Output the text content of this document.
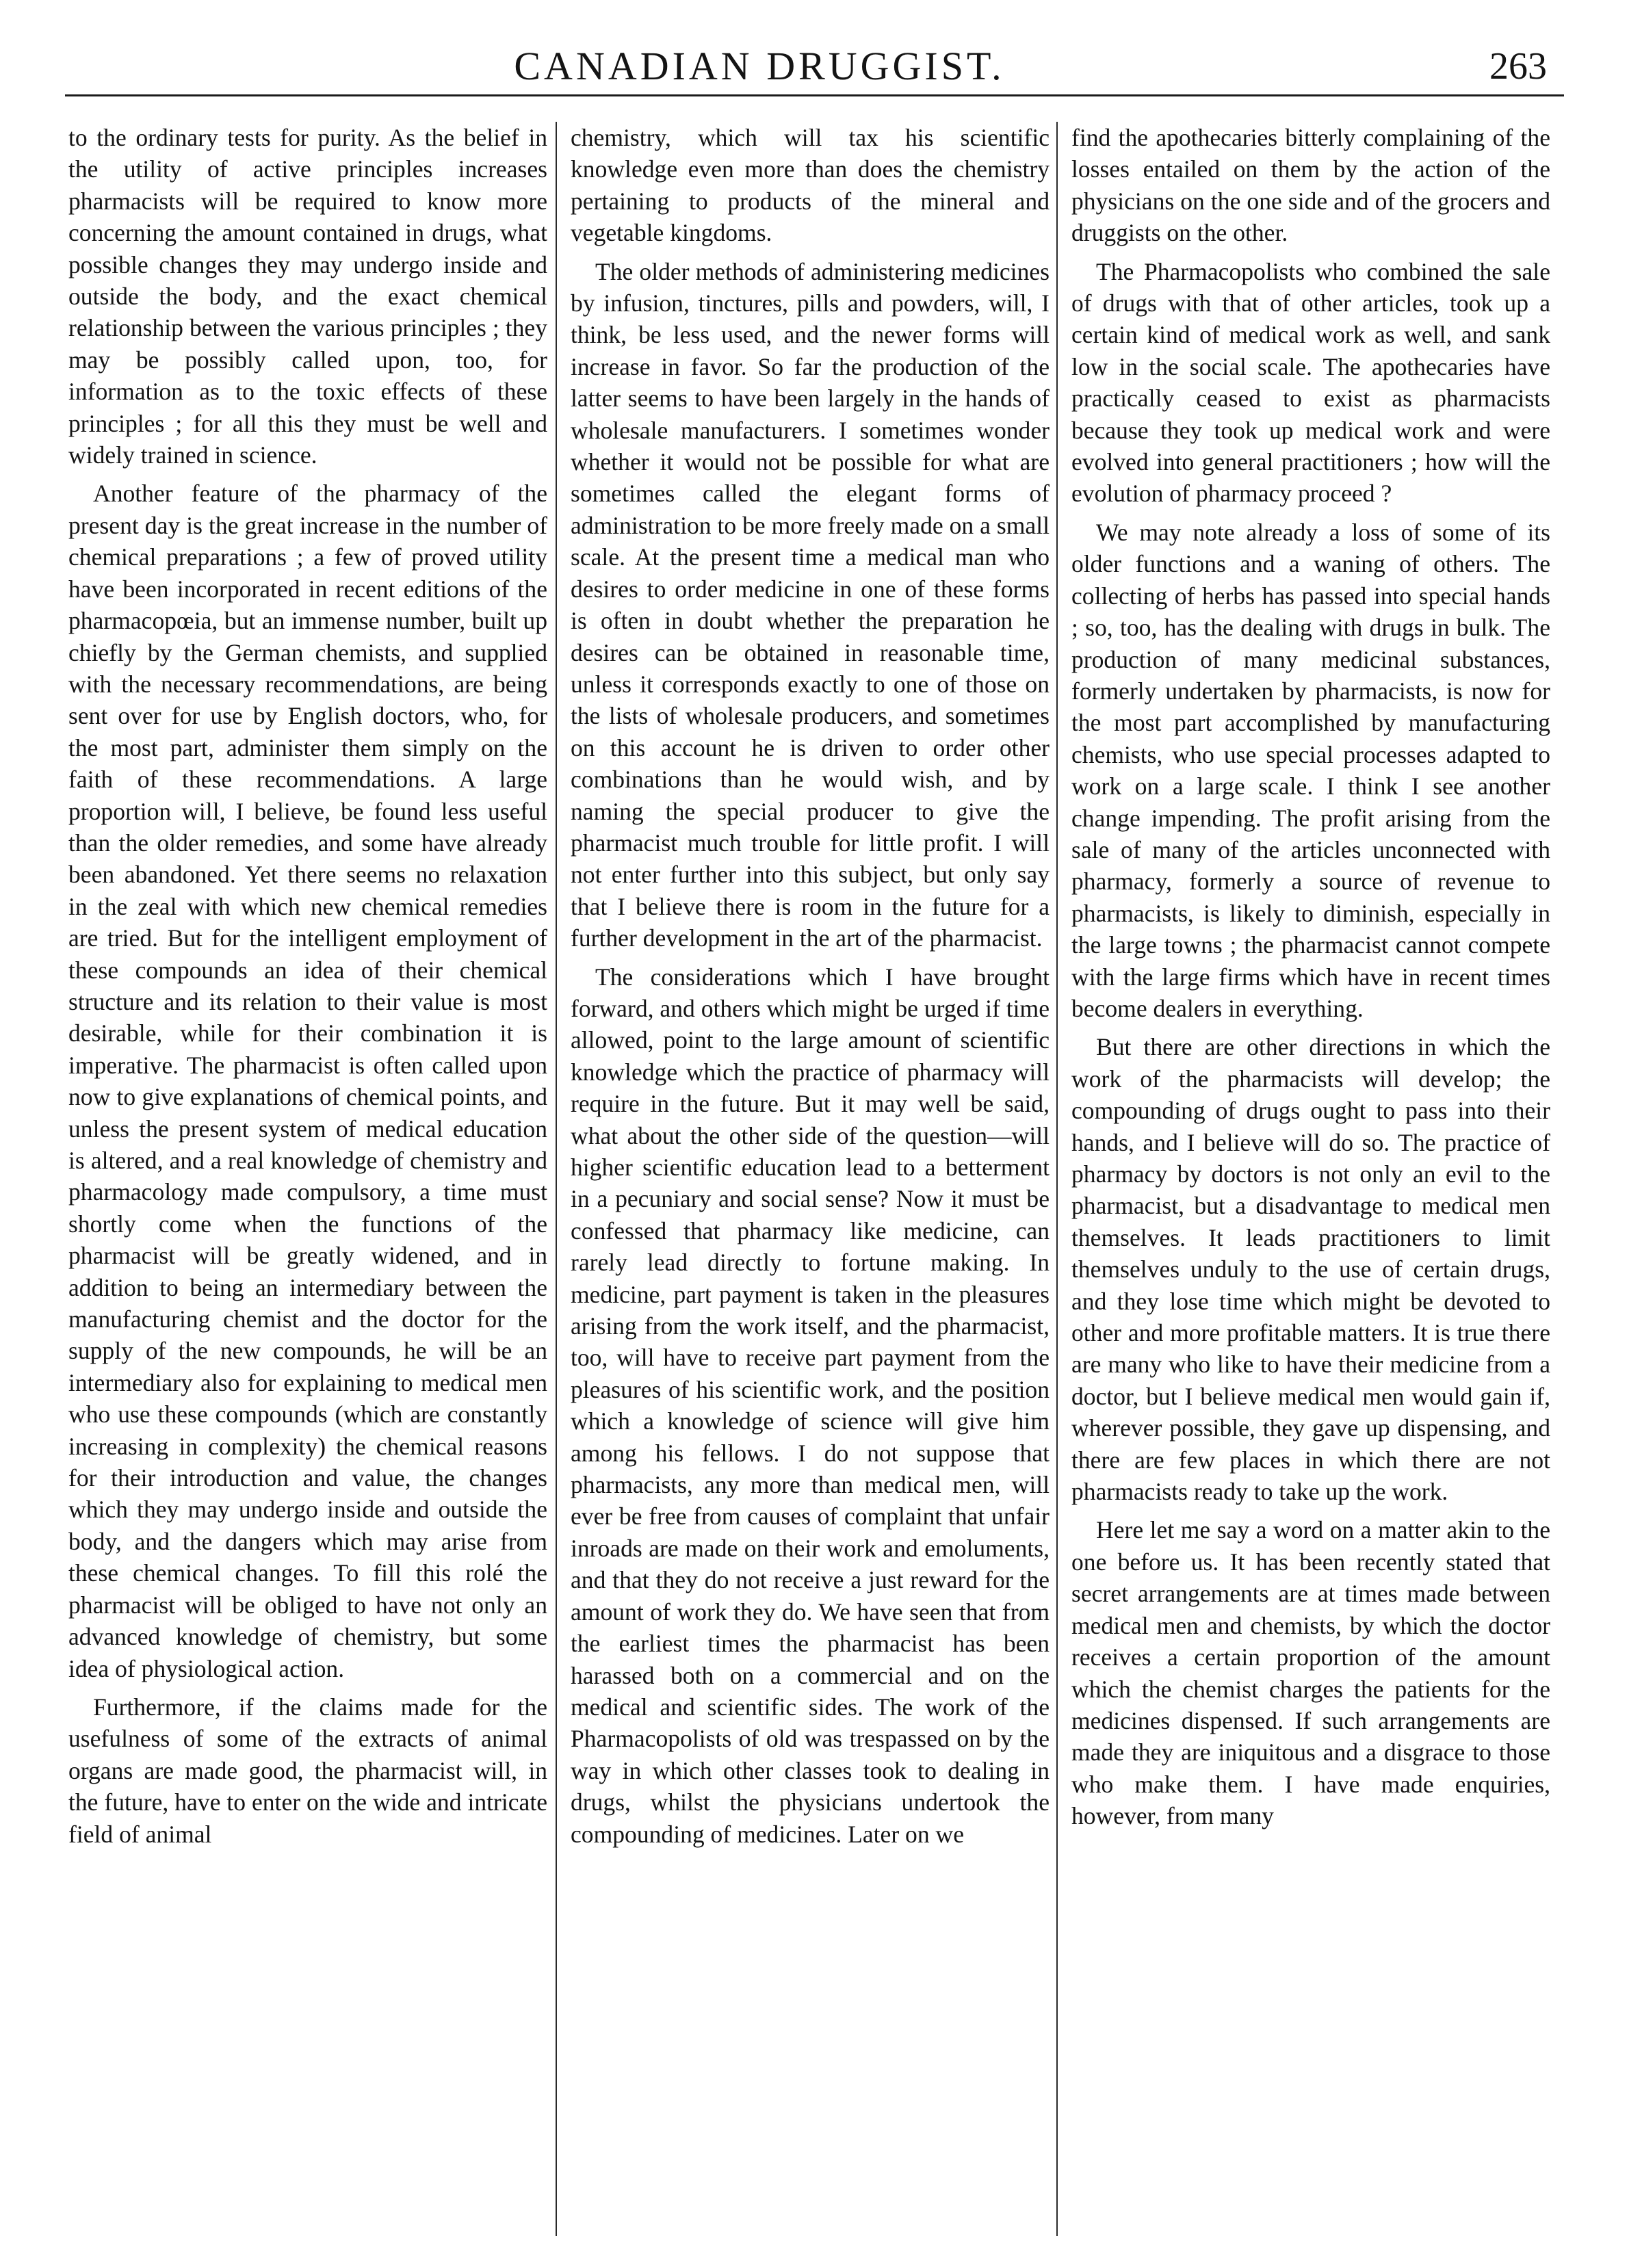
CANADIAN DRUGGIST.	263

to the ordinary tests for purity. As the belief in the utility of active principles increases pharmacists will be required to know more concerning the amount contained in drugs, what possible changes they may undergo inside and outside the body, and the exact chemical relationship between the various principles ; they may be possibly called upon, too, for information as to the toxic effects of these principles ; for all this they must be well and widely trained in science.

Another feature of the pharmacy of the present day is the great increase in the number of chemical preparations ; a few of proved utility have been incorporated in recent editions of the pharmacopœia, but an immense number, built up chiefly by the German chemists, and supplied with the necessary recommendations, are being sent over for use by English doctors, who, for the most part, administer them simply on the faith of these recommendations. A large proportion will, I believe, be found less useful than the older remedies, and some have already been abandoned. Yet there seems no relaxation in the zeal with which new chemical remedies are tried. But for the intelligent employment of these compounds an idea of their chemical structure and its relation to their value is most desirable, while for their combination it is imperative. The pharmacist is often called upon now to give explanations of chemical points, and unless the present system of medical education is altered, and a real knowledge of chemistry and pharmacology made compulsory, a time must shortly come when the functions of the pharmacist will be greatly widened, and in addition to being an intermediary between the manufacturing chemist and the doctor for the supply of the new compounds, he will be an intermediary also for explaining to medical men who use these compounds (which are constantly increasing in complexity) the chemical reasons for their introduction and value, the changes which they may undergo inside and outside the body, and the dangers which may arise from these chemical changes. To fill this rolé the pharmacist will be obliged to have not only an advanced knowledge of chemistry, but some idea of physiological action.

Furthermore, if the claims made for the usefulness of some of the extracts of animal organs are made good, the pharmacist will, in the future, have to enter on the wide and intricate field of animal

chemistry, which will tax his scientific knowledge even more than does the chemistry pertaining to products of the mineral and vegetable kingdoms.

The older methods of administering medicines by infusion, tinctures, pills and powders, will, I think, be less used, and the newer forms will increase in favor. So far the production of the latter seems to have been largely in the hands of wholesale manufacturers. I sometimes wonder whether it would not be possible for what are sometimes called the elegant forms of administration to be more freely made on a small scale. At the present time a medical man who desires to order medicine in one of these forms is often in doubt whether the preparation he desires can be obtained in reasonable time, unless it corresponds exactly to one of those on the lists of wholesale producers, and sometimes on this account he is driven to order other combinations than he would wish, and by naming the special producer to give the pharmacist much trouble for little profit. I will not enter further into this subject, but only say that I believe there is room in the future for a further development in the art of the pharmacist.

The considerations which I have brought forward, and others which might be urged if time allowed, point to the large amount of scientific knowledge which the practice of pharmacy will require in the future. But it may well be said, what about the other side of the question—will higher scientific education lead to a betterment in a pecuniary and social sense? Now it must be confessed that pharmacy like medicine, can rarely lead directly to fortune making. In medicine, part payment is taken in the pleasures arising from the work itself, and the pharmacist, too, will have to receive part payment from the pleasures of his scientific work, and the position which a knowledge of science will give him among his fellows. I do not suppose that pharmacists, any more than medical men, will ever be free from causes of complaint that unfair inroads are made on their work and emoluments, and that they do not receive a just reward for the amount of work they do. We have seen that from the earliest times the pharmacist has been harassed both on a commercial and on the medical and scientific sides. The work of the Pharmacopolists of old was trespassed on by the way in which other classes took to dealing in drugs, whilst the physicians undertook the compounding of medicines. Later on we

find the apothecaries bitterly complaining of the losses entailed on them by the action of the physicians on the one side and of the grocers and druggists on the other.

The Pharmacopolists who combined the sale of drugs with that of other articles, took up a certain kind of medical work as well, and sank low in the social scale. The apothecaries have practically ceased to exist as pharmacists because they took up medical work and were evolved into general practitioners ; how will the evolution of pharmacy proceed ?

We may note already a loss of some of its older functions and a waning of others. The collecting of herbs has passed into special hands ; so, too, has the dealing with drugs in bulk. The production of many medicinal substances, formerly undertaken by pharmacists, is now for the most part accomplished by manufacturing chemists, who use special processes adapted to work on a large scale. I think I see another change impending. The profit arising from the sale of many of the articles unconnected with pharmacy, formerly a source of revenue to pharmacists, is likely to diminish, especially in the large towns ; the pharmacist cannot compete with the large firms which have in recent times become dealers in everything.

But there are other directions in which the work of the pharmacists will develop; the compounding of drugs ought to pass into their hands, and I believe will do so. The practice of pharmacy by doctors is not only an evil to the pharmacist, but a disadvantage to medical men themselves. It leads practitioners to limit themselves unduly to the use of certain drugs, and they lose time which might be devoted to other and more profitable matters. It is true there are many who like to have their medicine from a doctor, but I believe medical men would gain if, wherever possible, they gave up dispensing, and there are few places in which there are not pharmacists ready to take up the work.

Here let me say a word on a matter akin to the one before us. It has been recently stated that secret arrangements are at times made between medical men and chemists, by which the doctor receives a certain proportion of the amount which the chemist charges the patients for the medicines dispensed. If such arrangements are made they are iniquitous and a disgrace to those who make them. I have made enquiries, however, from many
